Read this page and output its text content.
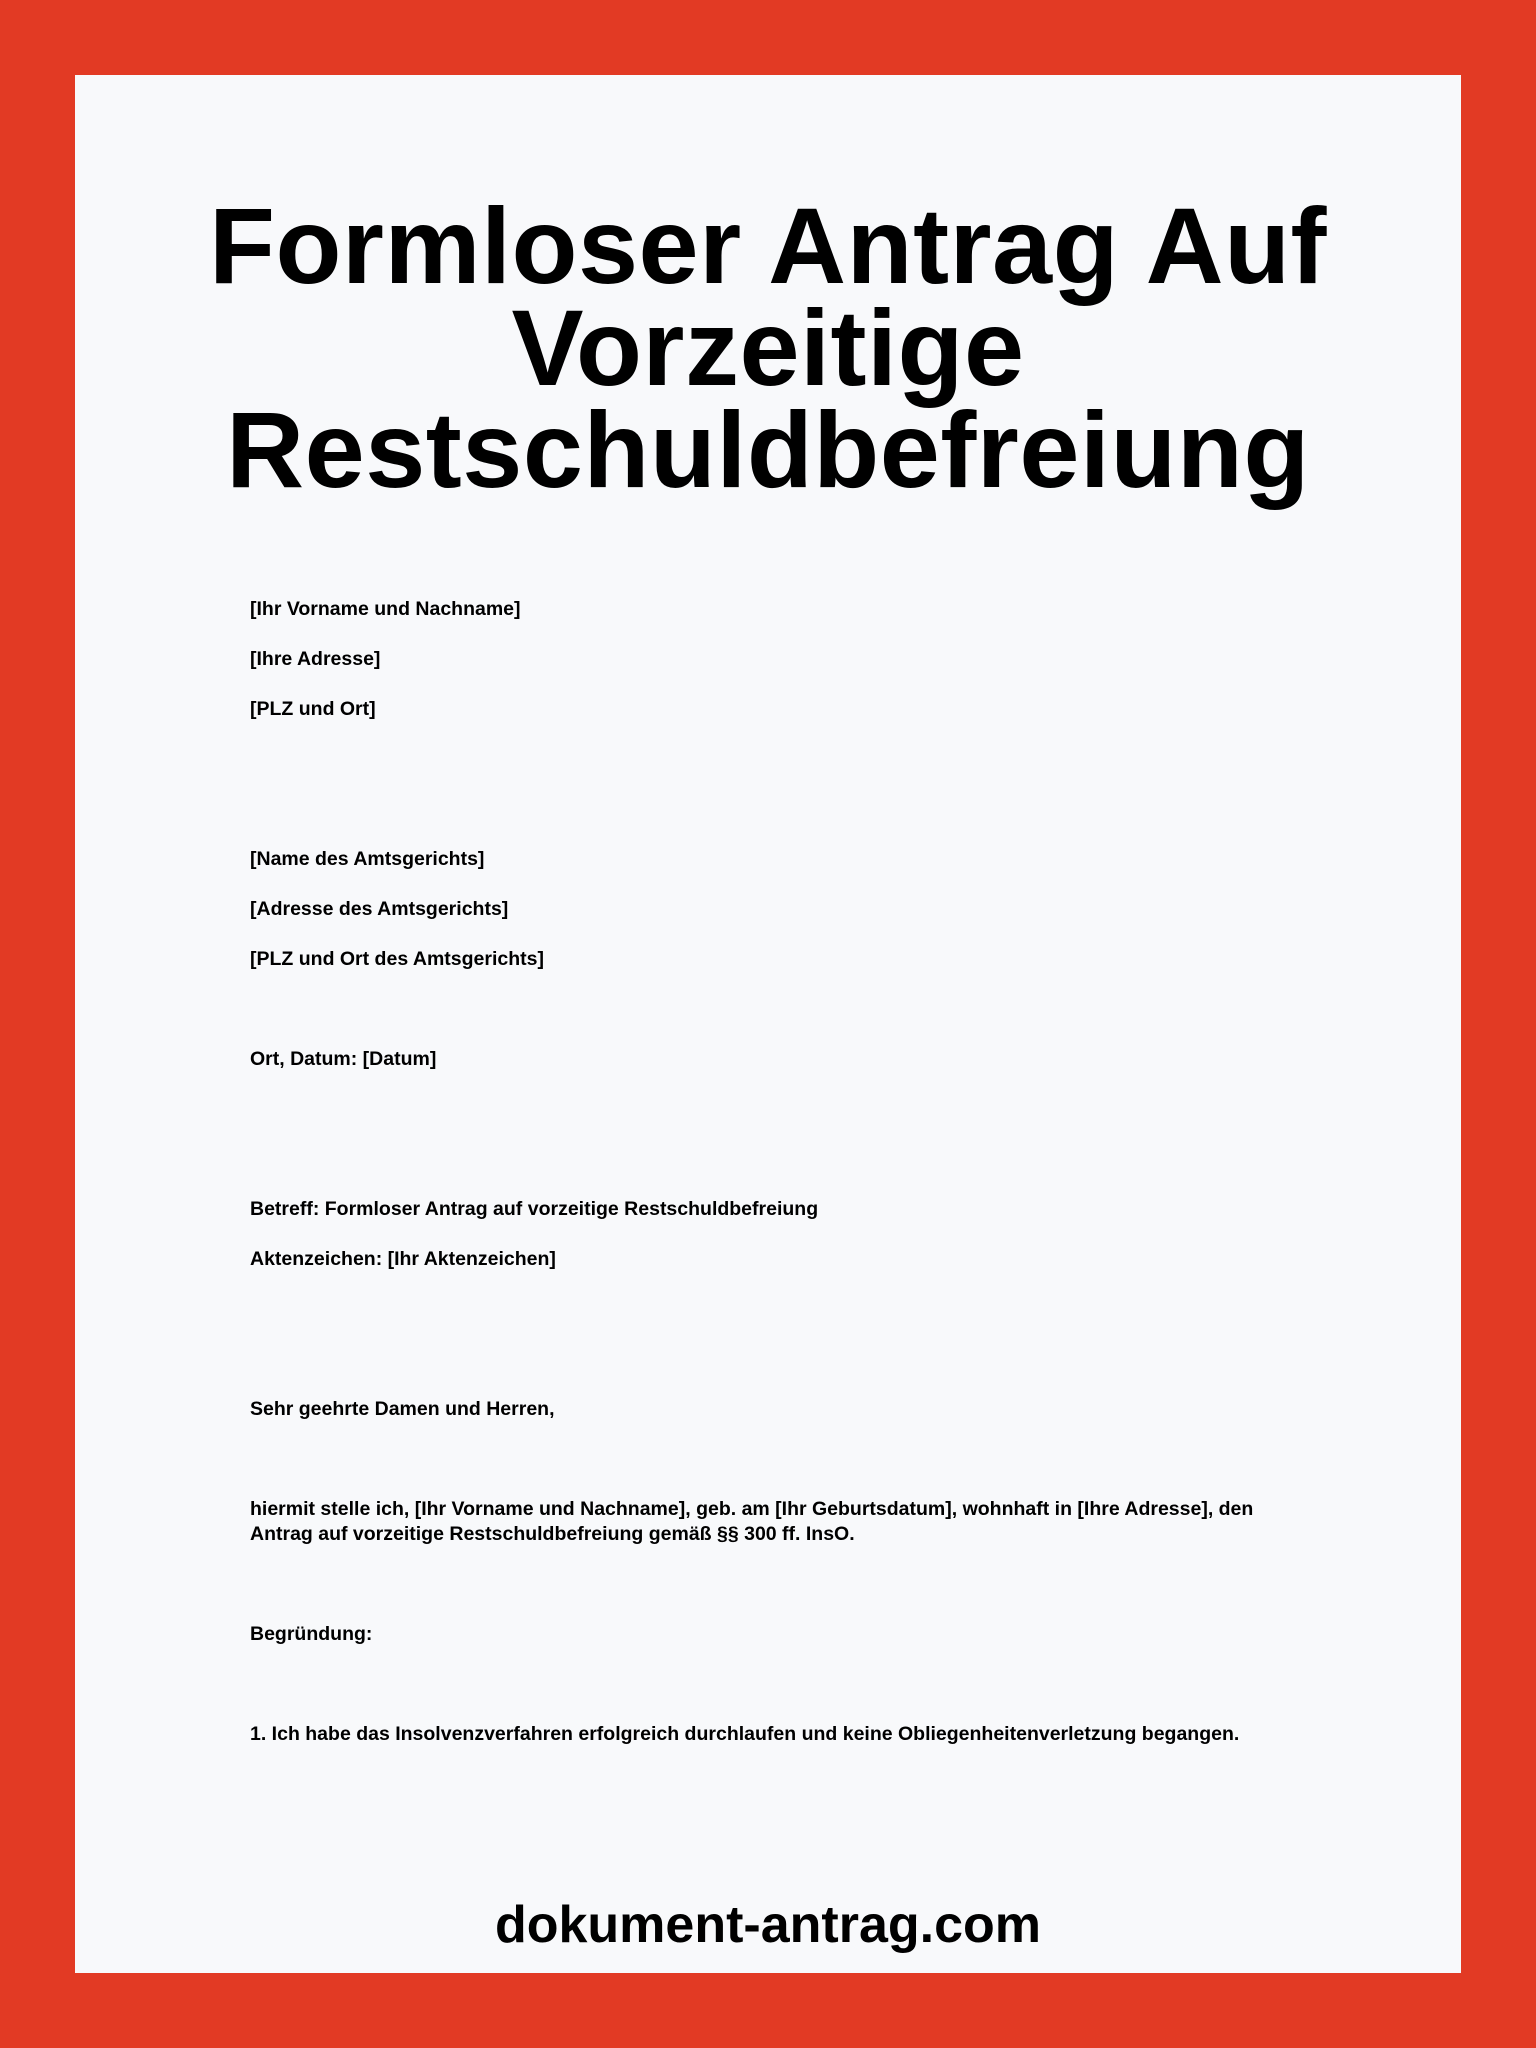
Formloser Antrag Auf
Vorzeitige
Restschuldbefreiung

[Ihr Vorname und Nachname]

[Ihre Adresse]

[PLZ und Ort]

[Name des Amtsgerichts]

[Adresse des Amtsgerichts]

[PLZ und Ort des Amtsgerichts]

Ort, Datum: [Datum]

Betreff: Formloser Antrag auf vorzeitige Restschuldbefreiung

Aktenzeichen: [Ihr Aktenzeichen]

Sehr geehrte Damen und Herren,

hiermit stelle ich, [Ihr Vorname und Nachname], geb. am [Ihr Geburtsdatum], wohnhaft in [Ihre Adresse], den Antrag auf vorzeitige Restschuldbefreiung gemäß §§ 300 ff. InsO.

Begründung:

1. Ich habe das Insolvenzverfahren erfolgreich durchlaufen und keine Obliegenheitenverletzung begangen.

dokument-antrag.com
